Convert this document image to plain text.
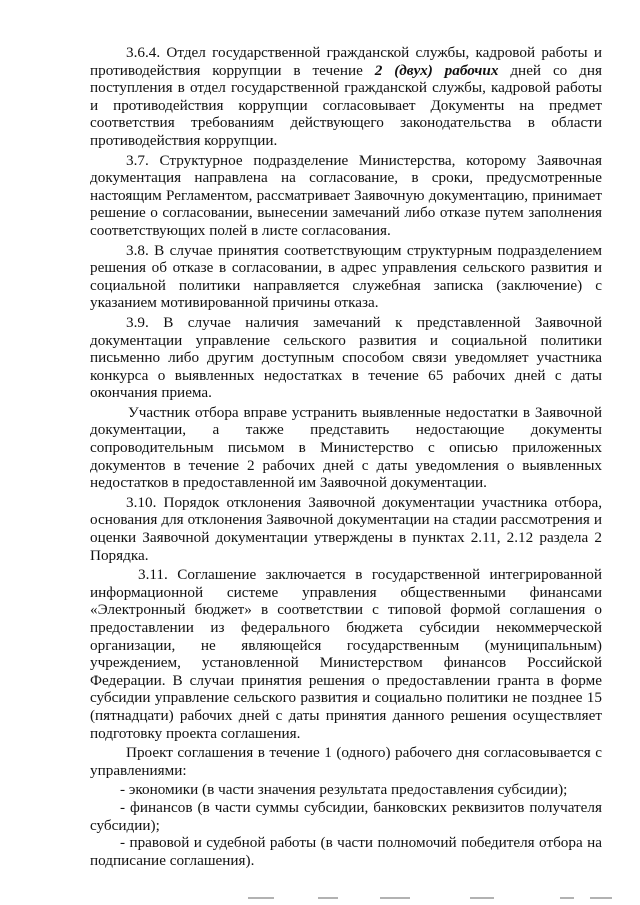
3.6.4. Отдел государственной гражданской службы, кадровой работы и противодействия коррупции в течение 2 (двух) рабочих дней со дня поступления в отдел государственной гражданской службы, кадровой работы и противодействия коррупции согласовывает Документы на предмет соответствия требованиям действующего законодательства в области противодействия коррупции.

3.7. Структурное подразделение Министерства, которому Заявочная документация направлена на согласование, в сроки, предусмотренные настоящим Регламентом, рассматривает Заявочную документацию, принимает решение о согласовании, вынесении замечаний либо отказе путем заполнения соответствующих полей в листе согласования.

3.8. В случае принятия соответствующим структурным подразделением решения об отказе в согласовании, в адрес управления сельского развития и социальной политики направляется служебная записка (заключение) с указанием мотивированной причины отказа.

3.9. В случае наличия замечаний к представленной Заявочной документации управление сельского развития и социальной политики письменно либо другим доступным способом связи уведомляет участника конкурса о выявленных недостатках в течение 65 рабочих дней с даты окончания приема.

Участник отбора вправе устранить выявленные недостатки в Заявочной документации, а также представить недостающие документы сопроводительным письмом в Министерство с описью приложенных документов в течение 2 рабочих дней с даты уведомления о выявленных недостатков в предоставленной им Заявочной документации.

3.10. Порядок отклонения Заявочной документации участника отбора, основания для отклонения Заявочной документации на стадии рассмотрения и оценки Заявочной документации утверждены в пунктах 2.11, 2.12 раздела 2 Порядка.

3.11. Соглашение заключается в государственной интегрированной информационной системе управления общественными финансами «Электронный бюджет» в соответствии с типовой формой соглашения о предоставлении из федерального бюджета субсидии некоммерческой организации, не являющейся государственным (муниципальным) учреждением, установленной Министерством финансов Российской Федерации. В случаи принятия решения о предоставлении гранта в форме субсидии управление сельского развития и социально политики не позднее 15 (пятнадцати) рабочих дней с даты принятия данного решения осуществляет подготовку проекта соглашения.

Проект соглашения в течение 1 (одного) рабочего дня согласовывается с управлениями:

- экономики (в части значения результата предоставления субсидии);

- финансов (в части суммы субсидии, банковских реквизитов получателя субсидии);

- правовой и судебной работы (в части полномочий победителя отбора на подписание соглашения).
